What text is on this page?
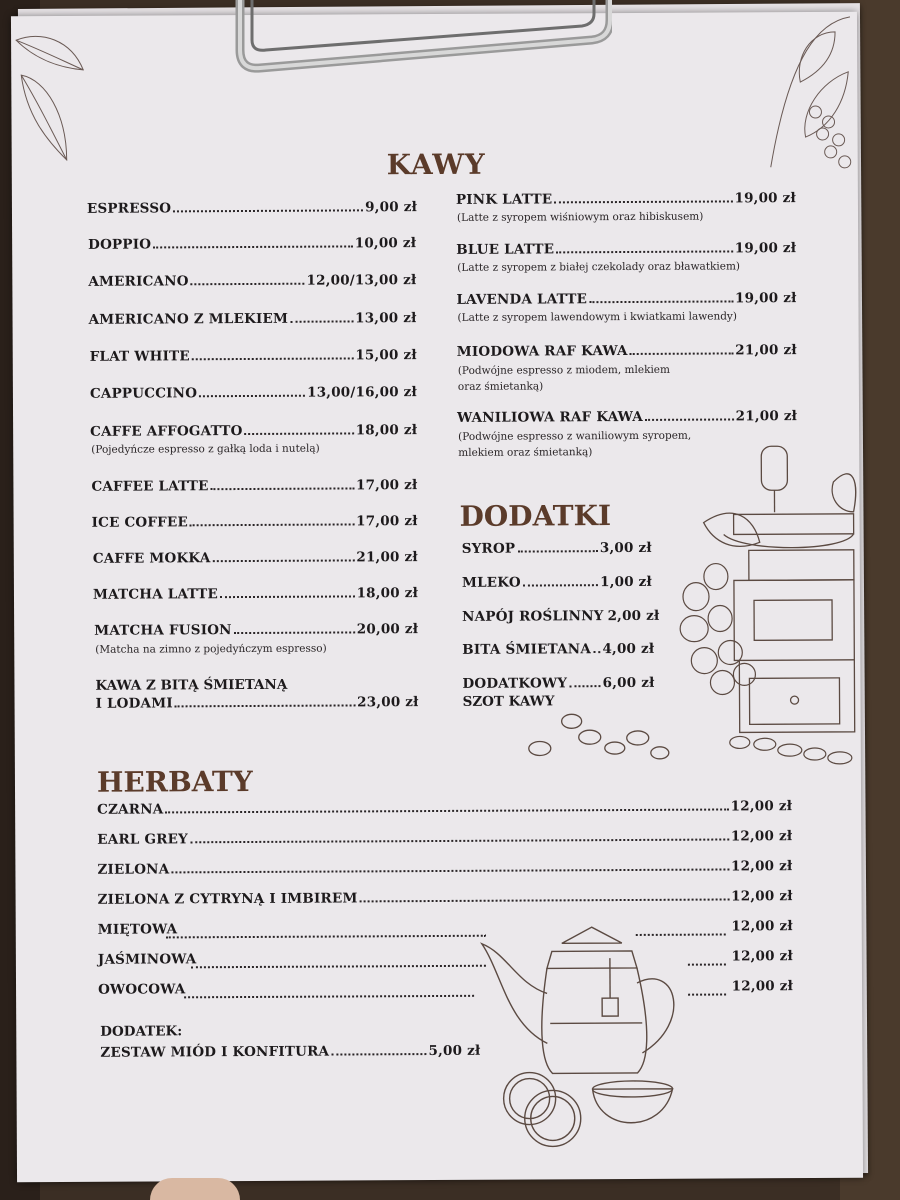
KAWY
ESPRESSO	9,00 zł
DOPPIO	10,00 zł
AMERICANO	12,00/13,00 zł
AMERICANO Z MLEKIEM	13,00 zł
FLAT WHITE	15,00 zł
CAPPUCCINO	13,00/16,00 zł
CAFFE AFFOGATTO	18,00 zł
(Pojedyńcze espresso z gałką loda i nutelą)
CAFFEE LATTE	17,00 zł
ICE COFFEE	17,00 zł
CAFFE MOKKA	21,00 zł
MATCHA LATTE	18,00 zł
MATCHA FUSION	20,00 zł
(Matcha na zimno z pojedyńczym espresso)
KAWA Z BITĄ ŚMIETANĄ
I LODAMI	23,00 zł
PINK LATTE	19,00 zł
(Latte z syropem wiśniowym oraz hibiskusem)
BLUE LATTE	19,00 zł
(Latte z syropem z białej czekolady oraz bławatkiem)
LAVENDA LATTE	19,00 zł
(Latte z syropem lawendowym i kwiatkami lawendy)
MIODOWA RAF KAWA	21,00 zł
(Podwójne espresso z miodem, mlekiem
oraz śmietanką)
WANILIOWA RAF KAWA	21,00 zł
(Podwójne espresso z waniliowym syropem,
mlekiem oraz śmietanką)
DODATKI
SYROP	3,00 zł
MLEKO	1,00 zł
NAPÓJ ROŚLINNY 2,00 zł
BITA ŚMIETANA 4,00 zł
DODATKOWY	6,00 zł
SZOT KAWY
HERBATY
CZARNA	12,00 zł
EARL GREY	12,00 zł
ZIELONA	12,00 zł
ZIELONA Z CYTRYNĄ I IMBIREM	12,00 zł
MIĘTOWA	12,00 zł
JAŚMINOWA	12,00 zł
OWOCOWA	12,00 zł
DODATEK:
ZESTAW MIÓD I KONFITURA	5,00 zł
